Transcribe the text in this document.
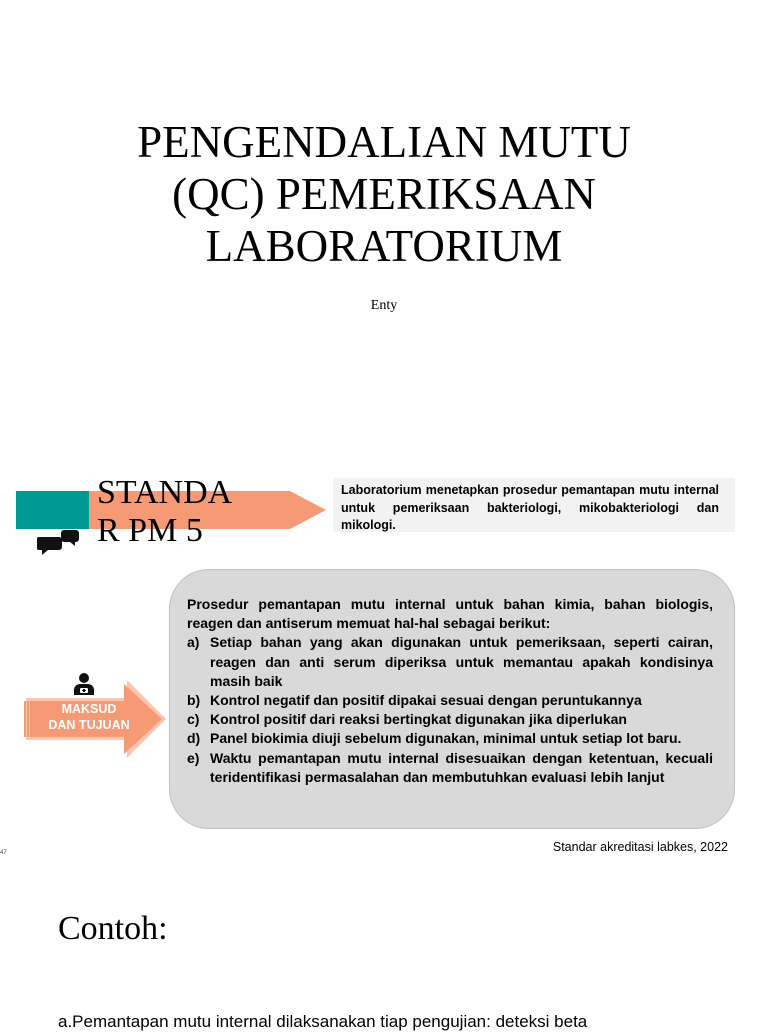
PENGENDALIAN MUTU
(QC) PEMERIKSAAN
LABORATORIUM
Enty
STANDA
R PM 5
Laboratorium menetapkan prosedur pemantapan mutu internal untuk pemeriksaan bakteriologi, mikobakteriologi dan mikologi.
Prosedur pemantapan mutu internal untuk bahan kimia, bahan biologis, reagen dan antiserum memuat hal-hal sebagai berikut:
a) Setiap bahan yang akan digunakan untuk pemeriksaan, seperti cairan, reagen dan anti serum diperiksa untuk memantau apakah kondisinya masih baik
b) Kontrol negatif dan positif dipakai sesuai dengan peruntukannya
c) Kontrol positif dari reaksi bertingkat digunakan jika diperlukan
d) Panel biokimia diuji sebelum digunakan, minimal untuk setiap lot baru.
e) Waktu pemantapan mutu internal disesuaikan dengan ketentuan, kecuali teridentifikasi permasalahan dan membutuhkan evaluasi lebih lanjut
MAKSUD
DAN TUJUAN
Standar akreditasi labkes, 2022
47
Contoh:
a.Pemantapan mutu internal dilaksanakan tiap pengujian: deteksi beta
